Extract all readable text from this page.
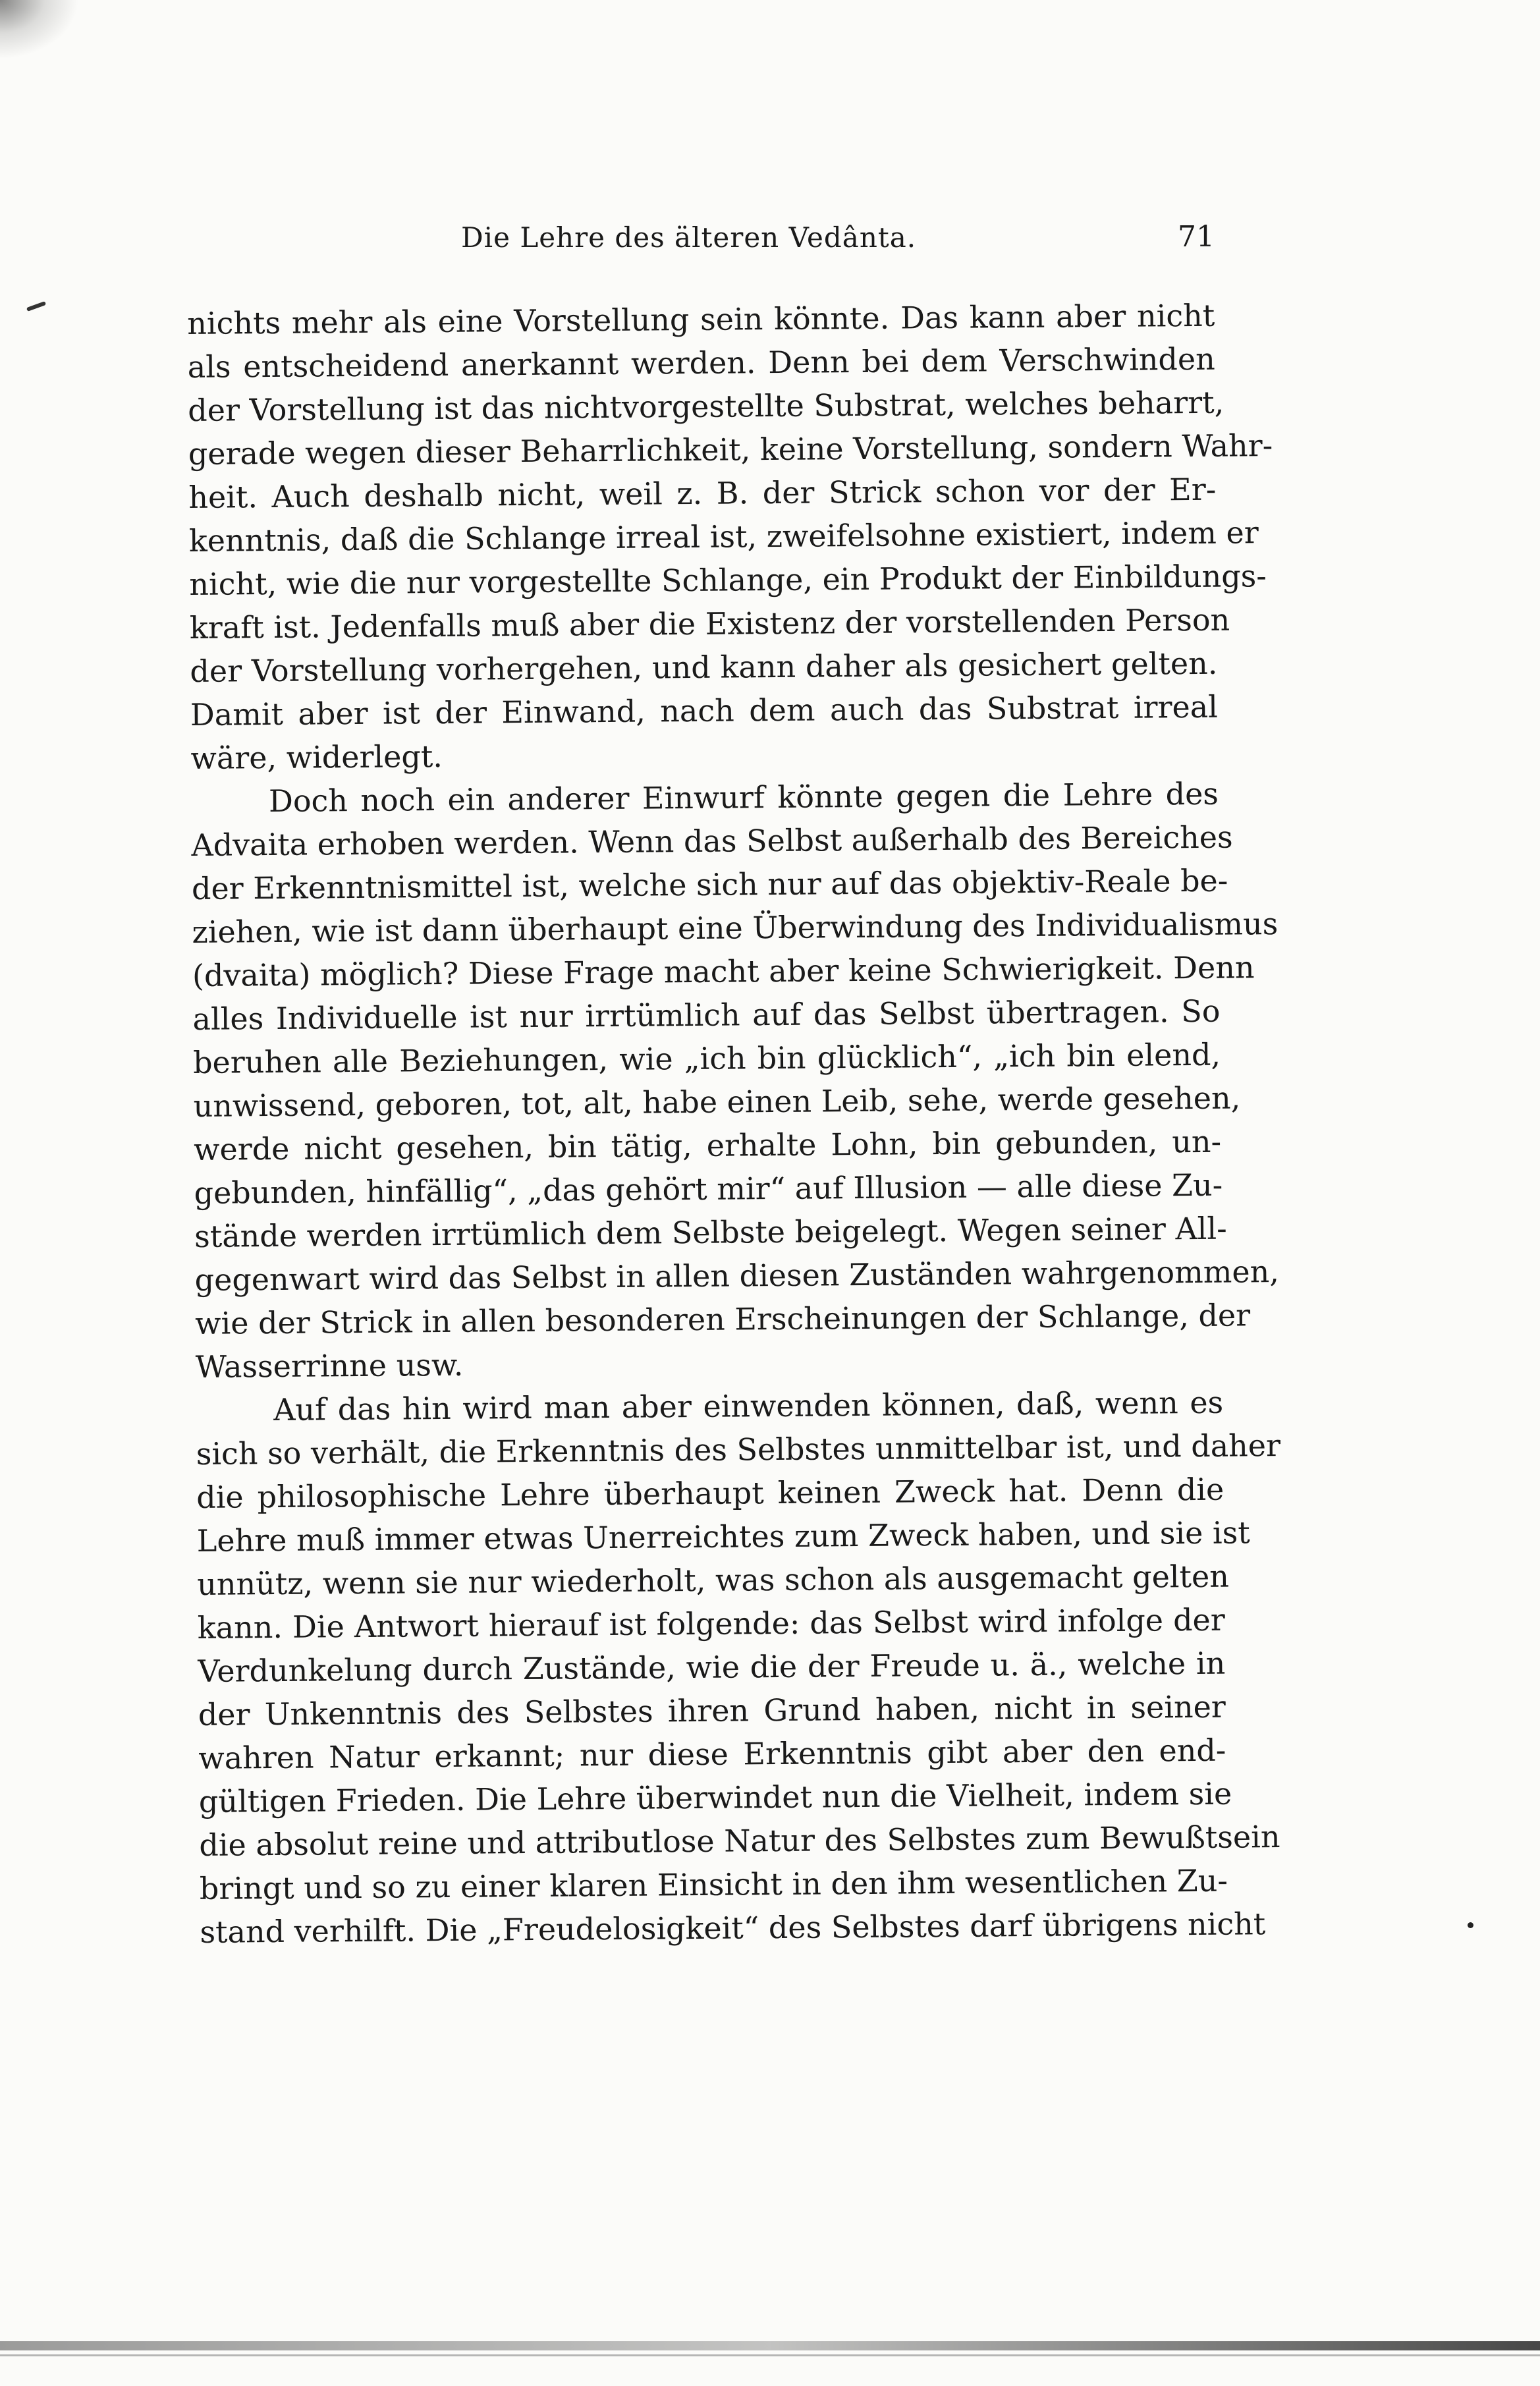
Die Lehre des älteren Vedânta.	71
nichts mehr als eine Vorstellung sein könnte. Das kann aber nicht
als entscheidend anerkannt werden. Denn bei dem Verschwinden
der Vorstellung ist das nichtvorgestellte Substrat, welches beharrt,
gerade wegen dieser Beharrlichkeit, keine Vorstellung, sondern Wahr-
heit. Auch deshalb nicht, weil z. B. der Strick schon vor der Er-
kenntnis, daß die Schlange irreal ist, zweifelsohne existiert, indem er
nicht, wie die nur vorgestellte Schlange, ein Produkt der Einbildungs-
kraft ist. Jedenfalls muß aber die Existenz der vorstellenden Person
der Vorstellung vorhergehen, und kann daher als gesichert gelten.
Damit aber ist der Einwand, nach dem auch das Substrat irreal
wäre, widerlegt.
Doch noch ein anderer Einwurf könnte gegen die Lehre des
Advaita erhoben werden. Wenn das Selbst außerhalb des Bereiches
der Erkenntnismittel ist, welche sich nur auf das objektiv-Reale be-
ziehen, wie ist dann überhaupt eine Überwindung des Individualismus
(dvaita) möglich? Diese Frage macht aber keine Schwierigkeit. Denn
alles Individuelle ist nur irrtümlich auf das Selbst übertragen. So
beruhen alle Beziehungen, wie „ich bin glücklich“, „ich bin elend,
unwissend, geboren, tot, alt, habe einen Leib, sehe, werde gesehen,
werde nicht gesehen, bin tätig, erhalte Lohn, bin gebunden, un-
gebunden, hinfällig“, „das gehört mir“ auf Illusion — alle diese Zu-
stände werden irrtümlich dem Selbste beigelegt. Wegen seiner All-
gegenwart wird das Selbst in allen diesen Zuständen wahrgenommen,
wie der Strick in allen besonderen Erscheinungen der Schlange, der
Wasserrinne usw.
Auf das hin wird man aber einwenden können, daß, wenn es
sich so verhält, die Erkenntnis des Selbstes unmittelbar ist, und daher
die philosophische Lehre überhaupt keinen Zweck hat. Denn die
Lehre muß immer etwas Unerreichtes zum Zweck haben, und sie ist
unnütz, wenn sie nur wiederholt, was schon als ausgemacht gelten
kann. Die Antwort hierauf ist folgende: das Selbst wird infolge der
Verdunkelung durch Zustände, wie die der Freude u. ä., welche in
der Unkenntnis des Selbstes ihren Grund haben, nicht in seiner
wahren Natur erkannt; nur diese Erkenntnis gibt aber den end-
gültigen Frieden. Die Lehre überwindet nun die Vielheit, indem sie
die absolut reine und attributlose Natur des Selbstes zum Bewußtsein
bringt und so zu einer klaren Einsicht in den ihm wesentlichen Zu-
stand verhilft. Die „Freudelosigkeit“ des Selbstes darf übrigens nicht
